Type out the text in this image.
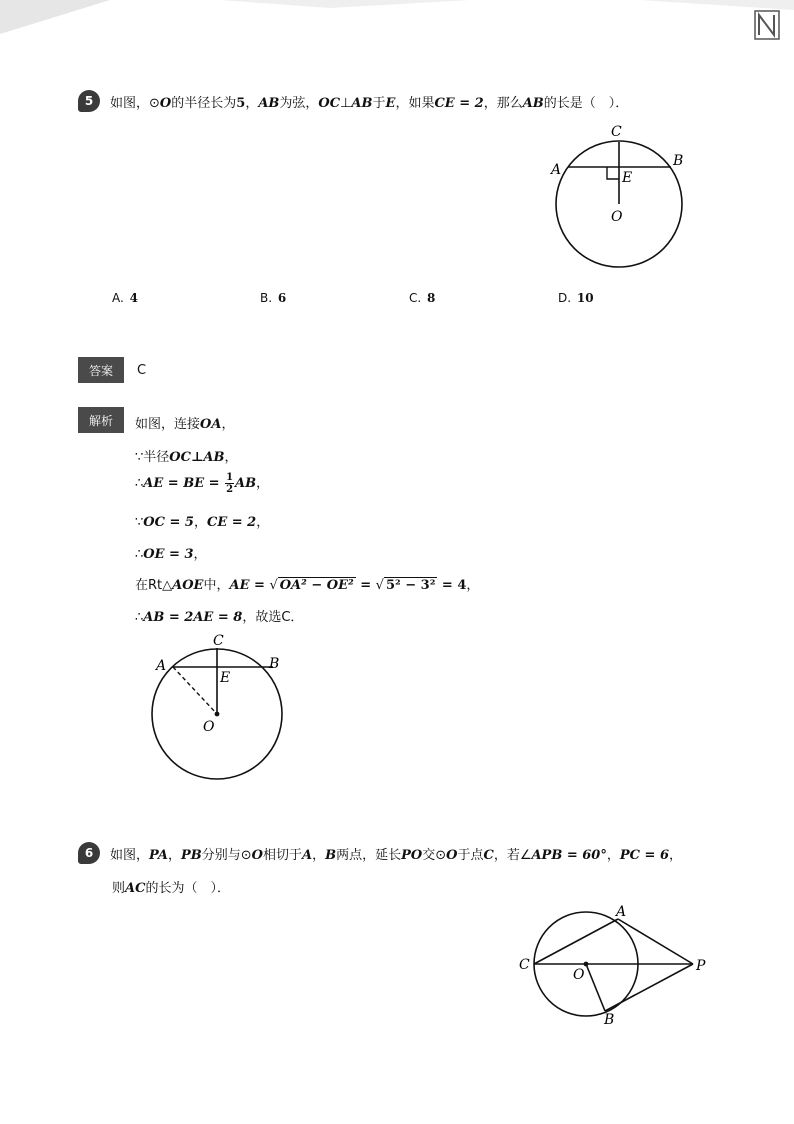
5	如图，⊙O的半径长为5，AB为弦，OC⊥AB于E，如果CE = 2，那么AB的长是（　）．
A
B
C
E
O
A. 4	B. 6	C. 8	D. 10
答案	C
解析	如图，连接OA，
∵半径OC⊥AB，
∴AE = BE = $\frac{1}{2}$ AB，
∵OC = 5，CE = 2，
∴OE = 3，
在Rt△AOE中，AE = √ OA² − OE² = √ 5² − 3² = 4，
∴AB = 2AE = 8，故选C．
A	B
C
E
O
6	如图，PA，PB分别与⊙O相切于A，B两点，延长PO交⊙O于点C，若∠APB = 60°，PC = 6，
则AC的长为（　）．
A
B
C
O
P
